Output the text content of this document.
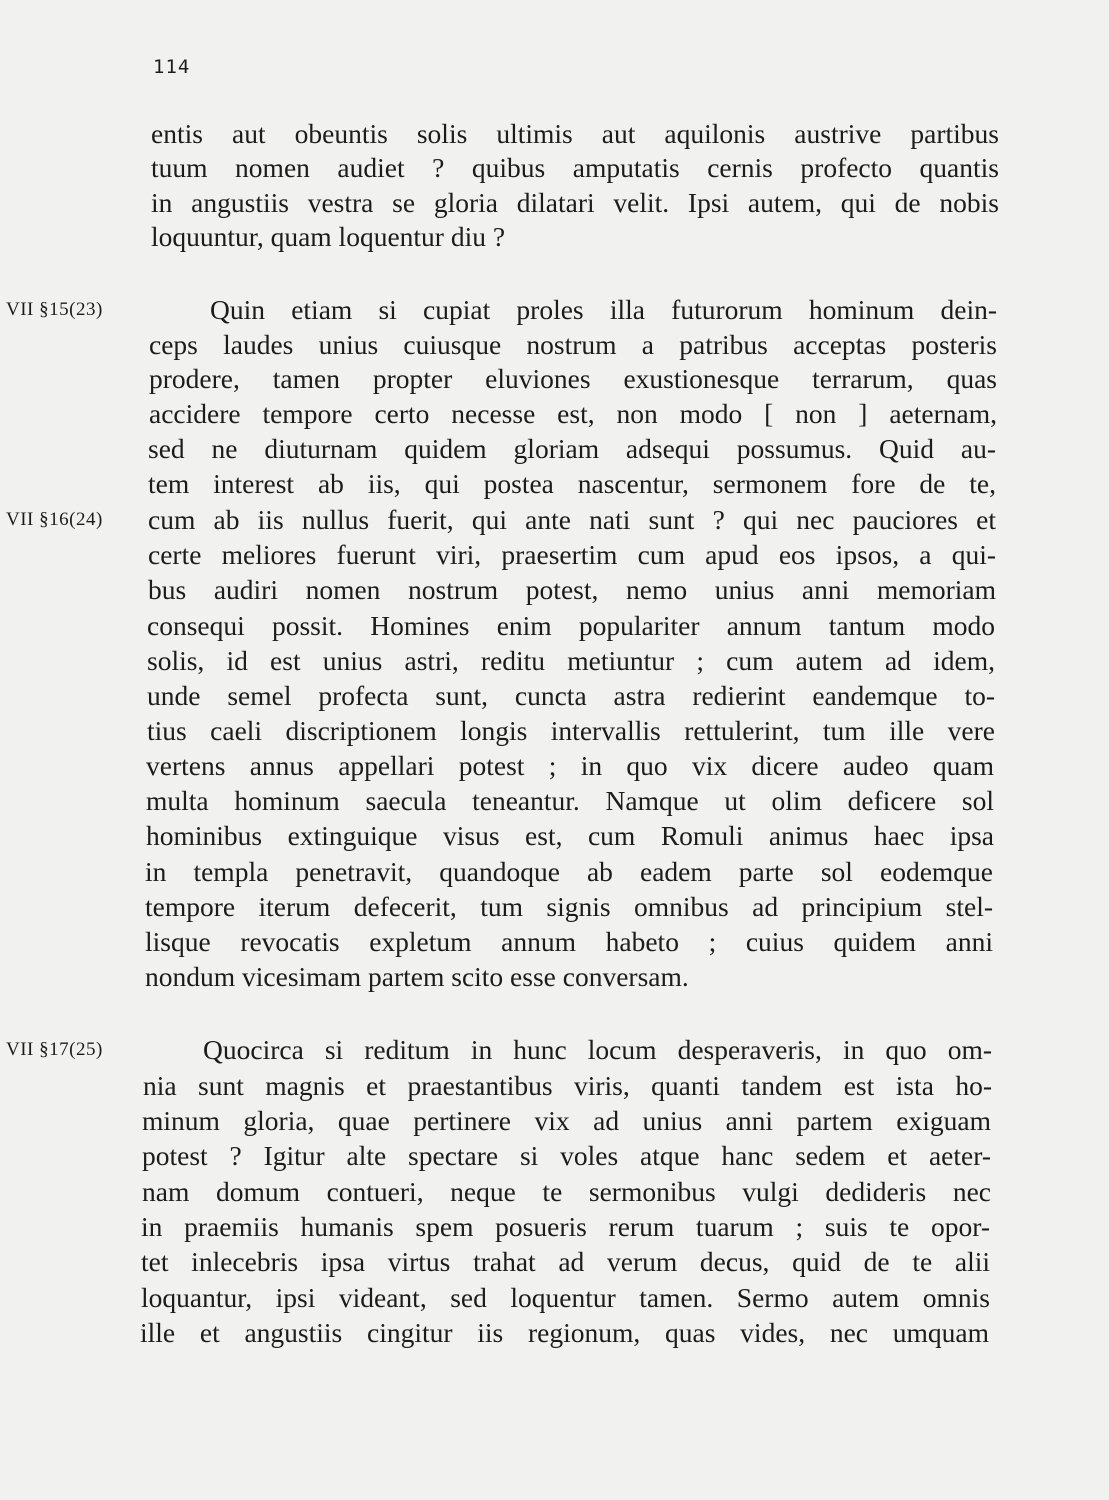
114
entis aut obeuntis solis ultimis aut aquilonis austrive partibus
tuum nomen audiet ? quibus amputatis cernis profecto quantis
in angustiis vestra se gloria dilatari velit. Ipsi autem, qui de nobis
loquuntur, quam loquentur diu ?
VII §15(23)	Quin etiam si cupiat proles illa futurorum hominum dein-
ceps laudes unius cuiusque nostrum a patribus acceptas posteris
prodere, tamen propter eluviones exustionesque terrarum, quas
accidere tempore certo necesse est, non modo [ non ] aeternam,
sed ne diuturnam quidem gloriam adsequi possumus. Quid au-
tem interest ab iis, qui postea nascentur, sermonem fore de te,
VII §16(24) cum ab iis nullus fuerit, qui ante nati sunt ? qui nec pauciores et
certe meliores fuerunt viri, praesertim cum apud eos ipsos, a qui-
bus audiri nomen nostrum potest, nemo unius anni memoriam
consequi possit. Homines enim populariter annum tantum modo
solis, id est unius astri, reditu metiuntur ; cum autem ad idem,
unde semel profecta sunt, cuncta astra redierint eandemque to-
tius caeli discriptionem longis intervallis rettulerint, tum ille vere
vertens annus appellari potest ; in quo vix dicere audeo quam
multa hominum saecula teneantur. Namque ut olim deficere sol
hominibus extinguique visus est, cum Romuli animus haec ipsa
in templa penetravit, quandoque ab eadem parte sol eodemque
tempore iterum defecerit, tum signis omnibus ad principium stel-
lisque revocatis expletum annum habeto ; cuius quidem anni
nondum vicesimam partem scito esse conversam.
VII §17(25)	Quocirca si reditum in hunc locum desperaveris, in quo om-
nia sunt magnis et praestantibus viris, quanti tandem est ista ho-
minum gloria, quae pertinere vix ad unius anni partem exiguam
potest ? Igitur alte spectare si voles atque hanc sedem et aeter-
nam domum contueri, neque te sermonibus vulgi dedideris nec
in praemiis humanis spem posueris rerum tuarum ; suis te opor-
tet inlecebris ipsa virtus trahat ad verum decus, quid de te alii
loquantur, ipsi videant, sed loquentur tamen. Sermo autem omnis
ille et angustiis cingitur iis regionum, quas vides, nec umquam
